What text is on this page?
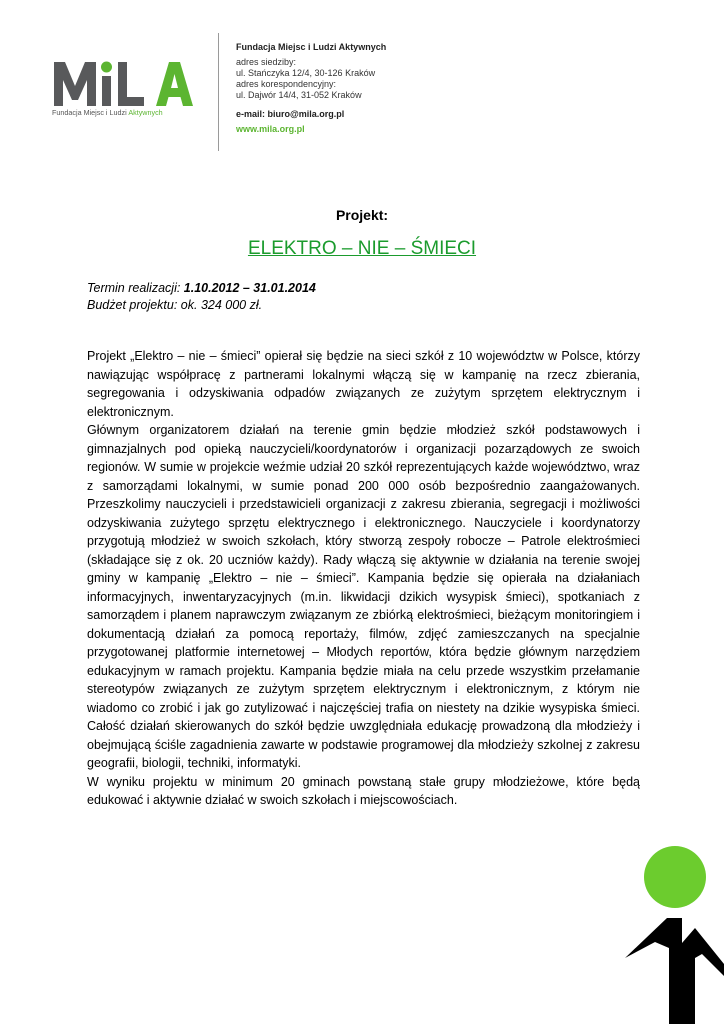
Fundacja Miejsc i Ludzi Aktywnych
Fundacja Miejsc i Ludzi Aktywnych
adres siedziby:
ul. Stańczyka 12/4, 30-126 Kraków
adres korespondencyjny:
ul. Dajwór 14/4, 31-052 Kraków
e-mail: biuro@mila.org.pl
www.mila.org.pl
Projekt:
ELEKTRO – NIE – ŚMIECI
Termin realizacji: 1.10.2012 – 31.01.2014
Budżet projektu: ok. 324 000 zł.

Projekt „Elektro – nie – śmieci” opierał się będzie na sieci szkół z 10 województw w Polsce, którzy nawiązując współpracę z partnerami lokalnymi włączą się w kampanię na rzecz zbierania, segregowania i odzyskiwania odpadów związanych ze zużytym sprzętem elektrycznym i elektronicznym.

Głównym organizatorem działań na terenie gmin będzie młodzież szkół podstawowych i gimnazjalnych pod opieką nauczycieli/koordynatorów i organizacji pozarządowych ze swoich regionów. W sumie w projekcie weźmie udział 20 szkół reprezentujących każde województwo, wraz z samorządami lokalnymi, w sumie ponad 200 000 osób bezpośrednio zaangażowanych. Przeszkolimy nauczycieli i przedstawicieli organizacji z zakresu zbierania, segregacji i możliwości odzyskiwania zużytego sprzętu elektrycznego i elektronicznego. Nauczyciele i koordynatorzy przygotują młodzież w swoich szkołach, który stworzą zespoły robocze – Patrole elektrośmieci (składające się z ok. 20 uczniów każdy). Rady włączą się aktywnie w działania na terenie swojej gminy w kampanię „Elektro – nie – śmieci”. Kampania będzie się opierała na działaniach informacyjnych, inwentaryzacyjnych (m.in. likwidacji dzikich wysypisk śmieci), spotkaniach z samorządem i planem naprawczym związanym ze zbiórką elektrośmieci, bieżącym monitoringiem i dokumentacją działań za pomocą reportaży, filmów, zdjęć zamieszczanych na specjalnie przygotowanej platformie internetowej – Młodych reportów, która będzie głównym narzędziem edukacyjnym w ramach projektu. Kampania będzie miała na celu przede wszystkim przełamanie stereotypów związanych ze zużytym sprzętem elektrycznym i elektronicznym, z którym nie wiadomo co zrobić i jak go zutylizować i najczęściej trafia on niestety na dzikie wysypiska śmieci. Całość działań skierowanych do szkół będzie uwzględniała edukację prowadzoną dla młodzieży i obejmującą ściśle zagadnienia zawarte w podstawie programowej dla młodzieży szkolnej z zakresu geografii, biologii, techniki, informatyki.

W wyniku projektu w minimum 20 gminach powstaną stałe grupy młodzieżowe, które będą edukować i aktywnie działać w swoich szkołach i miejscowościach.
